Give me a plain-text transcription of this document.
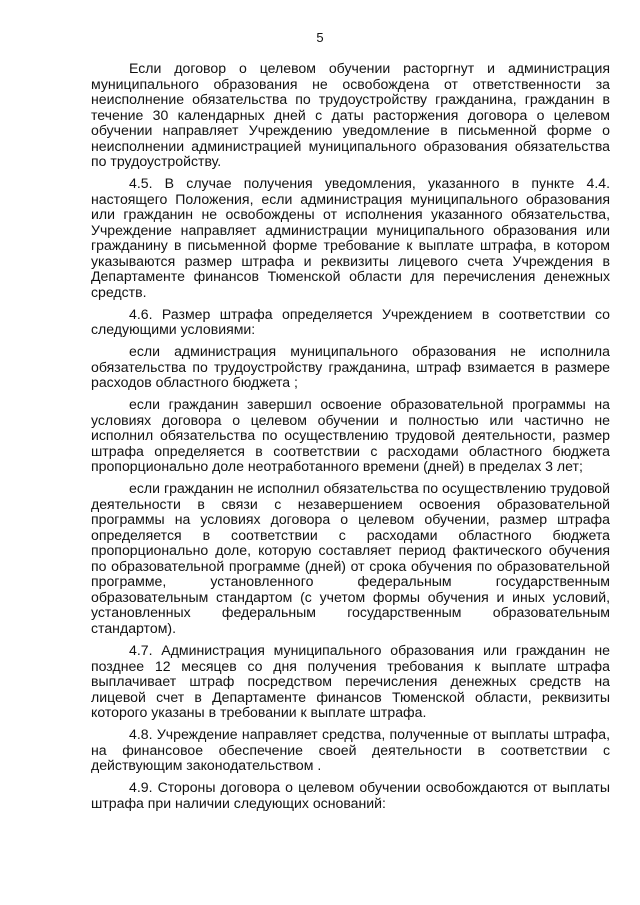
5

Если договор о целевом обучении расторгнут и администрация муниципального образования не освобождена от ответственности за неисполнение обязательства по трудоустройству гражданина, гражданин в течение 30 календарных дней с даты расторжения договора о целевом обучении направляет Учреждению уведомление в письменной форме о неисполнении администрацией муниципального образования обязательства по трудоустройству.

4.5. В случае получения уведомления, указанного в пункте 4.4. настоящего Положения, если администрация муниципального образования или гражданин не освобождены от исполнения указанного обязательства, Учреждение направляет администрации муниципального образования или гражданину в письменной форме требование к выплате штрафа, в котором указываются размер штрафа и реквизиты лицевого счета Учреждения в Департаменте финансов Тюменской области для перечисления денежных средств.

4.6. Размер штрафа определяется Учреждением в соответствии со следующими условиями:

если администрация муниципального образования не исполнила обязательства по трудоустройству гражданина, штраф взимается в размере расходов областного бюджета ;

если гражданин завершил освоение образовательной программы на условиях договора о целевом обучении и полностью или частично не исполнил обязательства по осуществлению трудовой деятельности, размер штрафа определяется в соответствии с расходами областного бюджета пропорционально доле неотработанного времени (дней) в пределах 3 лет;

если гражданин не исполнил обязательства по осуществлению трудовой деятельности в связи с незавершением освоения образовательной программы на условиях договора о целевом обучении, размер штрафа определяется в соответствии с расходами областного бюджета пропорционально доле, которую составляет период фактического обучения по образовательной программе (дней) от срока обучения по образовательной программе, установленного федеральным государственным образовательным стандартом (с учетом формы обучения и иных условий, установленных федеральным государственным образовательным стандартом).

4.7. Администрация муниципального образования или гражданин не позднее 12 месяцев со дня получения требования к выплате штрафа выплачивает штраф посредством перечисления денежных средств на лицевой счет в Департаменте финансов Тюменской области, реквизиты которого указаны в требовании к выплате штрафа.

4.8. Учреждение направляет средства, полученные от выплаты штрафа, на финансовое обеспечение своей деятельности в соответствии с действующим законодательством .

4.9. Стороны договора о целевом обучении освобождаются от выплаты штрафа при наличии следующих оснований:
